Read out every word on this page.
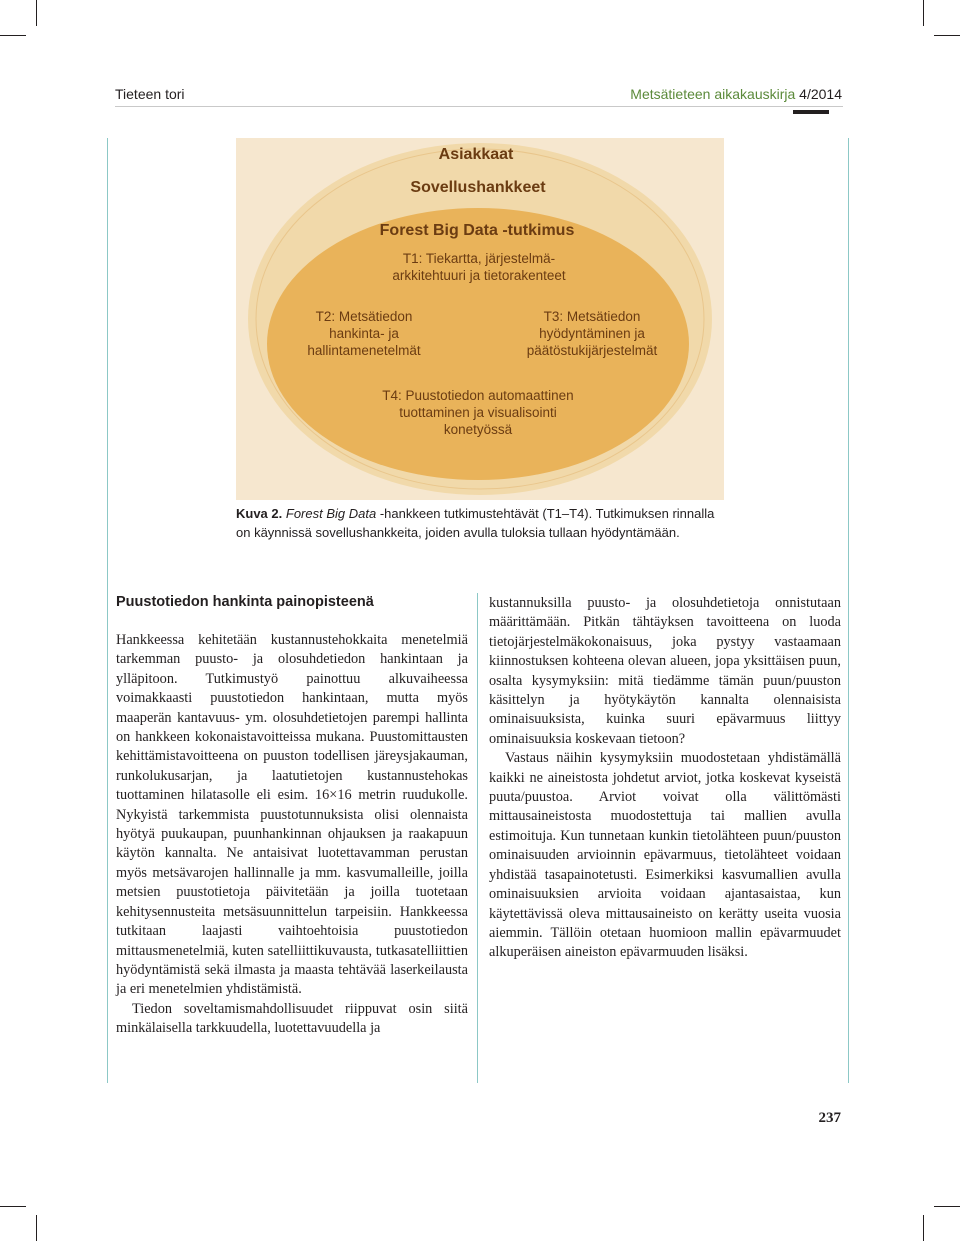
Tieteen tori	Metsätieteen aikakauskirja 4/2014
Asiakkaat
Sovellushankkeet
Forest Big Data -tutkimus
T1: Tiekartta, järjestelmä-
arkkitehtuuri ja tietorakenteet
T2: Metsätiedon
hankinta- ja
hallintamenetelmät
T3: Metsätiedon
hyödyntäminen ja
päätöstukijärjestelmät
T4: Puustotiedon automaattinen
tuottaminen ja visualisointi
konetyössä
Kuva 2. Forest Big Data -hankkeen tutkimustehtävät (T1–T4). Tutkimuksen rinnalla on käynnissä sovellushankkeita, joiden avulla tuloksia tullaan hyödyntämään.
Puustotiedon hankinta painopisteenä

Hankkeessa kehitetään kustannustehokkaita menetelmiä tarkemman puusto- ja olosuhdetiedon hankintaan ja ylläpitoon. Tutkimustyö painottuu alkuvaiheessa voimakkaasti puustotiedon hankintaan, mutta myös maaperän kantavuus- ym. olosuhdetietojen parempi hallinta on hankkeen kokonaistavoitteissa mukana. Puustomittausten kehittämistavoitteena on puuston todellisen järeysjakauman, runkolukusarjan, ja laatutietojen kustannustehokas tuottaminen hilatasolle eli esim. 16×16 metrin ruudukolle. Nykyistä tarkemmista puustotunnuksista olisi olennaista hyötyä puukaupan, puunhankinnan ohjauksen ja raakapuun käytön kannalta. Ne antaisivat luotettavamman perustan myös metsävarojen hallinnalle ja mm. kasvumalleille, joilla metsien puustotietoja päivitetään ja joilla tuotetaan kehitysennusteita metsäsuunnittelun tarpeisiin. Hankkeessa tutkitaan laajasti vaihtoehtoisia puustotiedon mittausmenetelmiä, kuten satelliittikuvausta, tutkasatelliittien hyödyntämistä sekä ilmasta ja maasta tehtävää laserkeilausta ja eri menetelmien yhdistämistä.

Tiedon soveltamismahdollisuudet riippuvat osin siitä minkälaisella tarkkuudella, luotettavuudella ja

kustannuksilla puusto- ja olosuhdetietoja onnistutaan määrittämään. Pitkän tähtäyksen tavoitteena on luoda tietojärjestelmäkokonaisuus, joka pystyy vastaamaan kiinnostuksen kohteena olevan alueen, jopa yksittäisen puun, osalta kysymyksiin: mitä tiedämme tämän puun/puuston käsittelyn ja hyötykäytön kannalta olennaisista ominaisuuksista, kuinka suuri epävarmuus liittyy ominaisuuksia koskevaan tietoon?

Vastaus näihin kysymyksiin muodostetaan yhdistämällä kaikki ne aineistosta johdetut arviot, jotka koskevat kyseistä puuta/puustoa. Arviot voivat olla välittömästi mittausaineistosta muodostettuja tai mallien avulla estimoituja. Kun tunnetaan kunkin tietolähteen puun/puuston ominaisuuden arvioinnin epävarmuus, tietolähteet voidaan yhdistää tasapainotetusti. Esimerkiksi kasvumallien avulla ominaisuuksien arvioita voidaan ajantasaistaa, kun käytettävissä oleva mittausaineisto on kerätty useita vuosia aiemmin. Tällöin otetaan huomioon mallin epävarmuudet alkuperäisen aineiston epävarmuuden lisäksi.

237
